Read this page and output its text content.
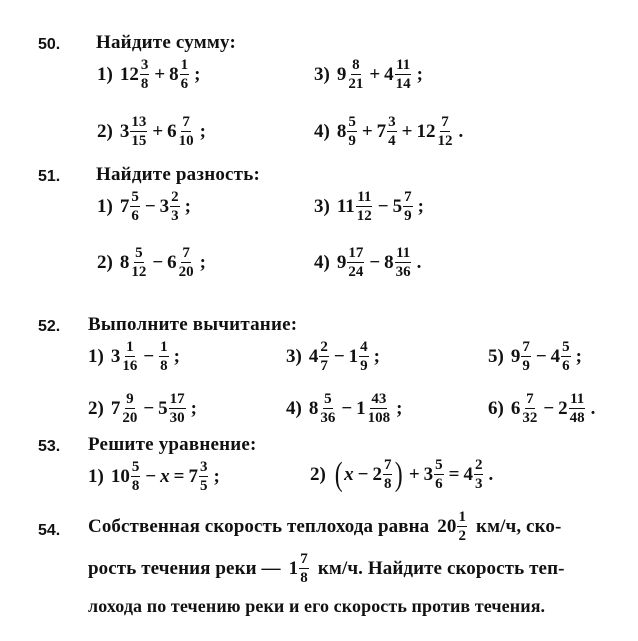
50. Найдите сумму:
1) $12 \frac{3}{8} + 8 \frac{1}{6}$ ;	3) $9 \frac{8}{21} + 4 \frac{11}{14}$ ;
2) $3 \frac{13}{15} + 6 \frac{7}{10}$ ;	4) $8 \frac{5}{9} + 7 \frac{3}{4} + 12 \frac{7}{12}$ .
51. Найдите разность:
1) $7 \frac{5}{6} - 3 \frac{2}{3}$ ;	3) $11 \frac{11}{12} - 5 \frac{7}{9}$ ;
2) $8 \frac{5}{12} - 6 \frac{7}{20}$ ;	4) $9 \frac{17}{24} - 8 \frac{11}{36}$ .
52. Выполните вычитание:
1) $3 \frac{1}{16} - \frac{1}{8}$ ;	3) $4 \frac{2}{7} - 1 \frac{4}{9}$ ;	5) $9 \frac{7}{9} - 4 \frac{5}{6}$ ;
2) $7 \frac{9}{20} - 5 \frac{17}{30}$ ;	4) $8 \frac{5}{36} - 1 \frac{43}{108}$ ;	6) $6 \frac{7}{32} - 2 \frac{11}{48}$ .
53. Решите уравнение:
1) $10 \frac{5}{8} - x = 7 \frac{3}{5}$ ;	2) ( $x - 2 \frac{7}{8}$ ) + $3 \frac{5}{6} = 4 \frac{2}{3}$ .
54. Собственная скорость теплохода равна $20 \frac{1}{2} км/ч$, ско-
рость течения реки — $1 \frac{7}{8} км/ч$. Найдите скорость теп-
лохода по течению реки и его скорость против течения.
